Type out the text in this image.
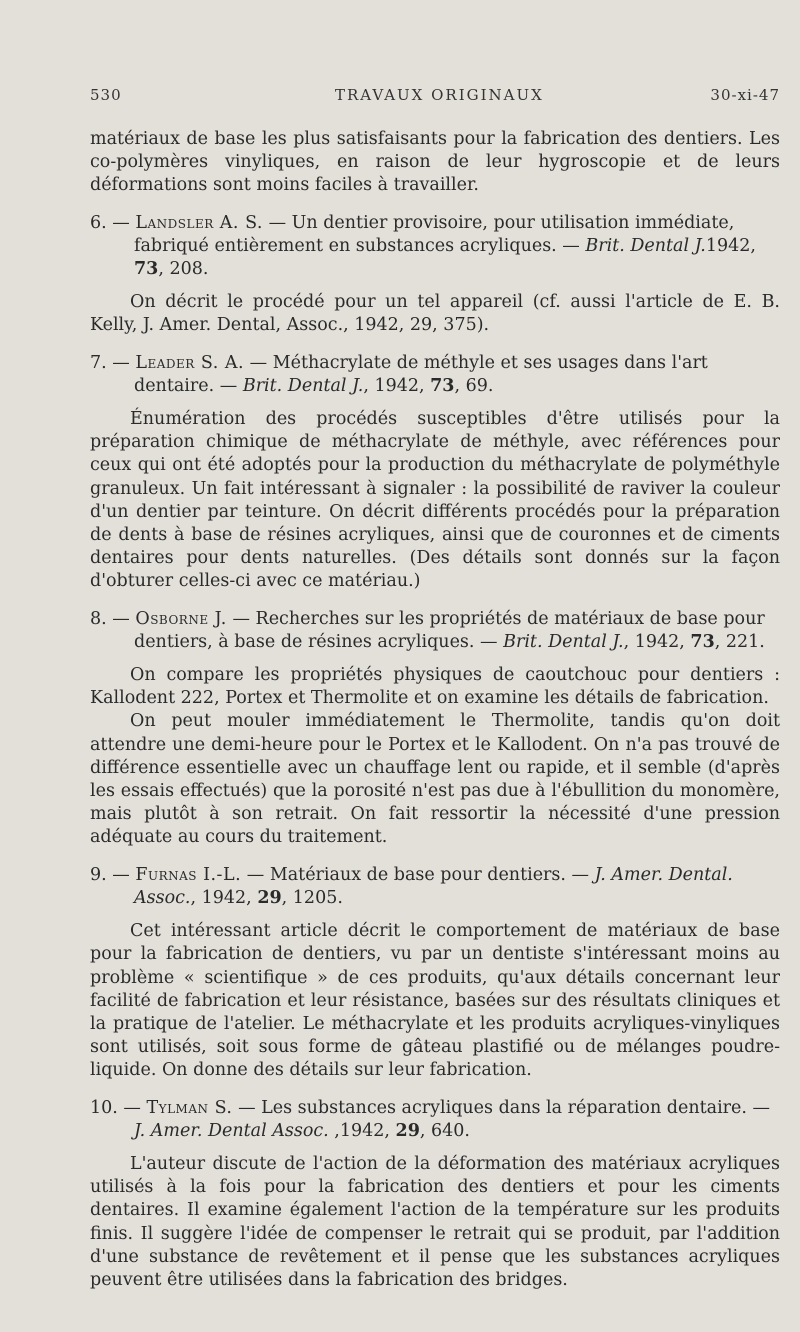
530	TRAVAUX ORIGINAUX	30-xi-47

matériaux de base les plus satisfaisants pour la fabrication des dentiers. Les co-polymères vinyliques, en raison de leur hygroscopie et de leurs déformations sont moins faciles à travailler.

6. — Landsler A. S. — Un dentier provisoire, pour utilisation immédiate, fabriqué entièrement en substances acryliques. — Brit. Dental J.1942, 73, 208.

On décrit le procédé pour un tel appareil (cf. aussi l'article de E. B. Kelly, J. Amer. Dental, Assoc., 1942, 29, 375).

7. — Leader S. A. — Méthacrylate de méthyle et ses usages dans l'art dentaire. — Brit. Dental J., 1942, 73, 69.

Énumération des procédés susceptibles d'être utilisés pour la préparation chimique de méthacrylate de méthyle, avec références pour ceux qui ont été adoptés pour la production du méthacrylate de polyméthyle granuleux. Un fait intéressant à signaler : la possibilité de raviver la couleur d'un dentier par teinture. On décrit différents procédés pour la préparation de dents à base de résines acryliques, ainsi que de couronnes et de ciments dentaires pour dents naturelles. (Des détails sont donnés sur la façon d'obturer celles-ci avec ce matériau.)

8. — Osborne J. — Recherches sur les propriétés de matériaux de base pour dentiers, à base de résines acryliques. — Brit. Dental J., 1942, 73, 221.

On compare les propriétés physiques de caoutchouc pour dentiers : Kallodent 222, Portex et Thermolite et on examine les détails de fabrication.

On peut mouler immédiatement le Thermolite, tandis qu'on doit attendre une demi-heure pour le Portex et le Kallodent. On n'a pas trouvé de différence essentielle avec un chauffage lent ou rapide, et il semble (d'après les essais effectués) que la porosité n'est pas due à l'ébullition du monomère, mais plutôt à son retrait. On fait ressortir la nécessité d'une pression adéquate au cours du traitement.

9. — Furnas I.-L. — Matériaux de base pour dentiers. — J. Amer. Dental. Assoc., 1942, 29, 1205.

Cet intéressant article décrit le comportement de matériaux de base pour la fabrication de dentiers, vu par un dentiste s'intéressant moins au problème « scientifique » de ces produits, qu'aux détails concernant leur facilité de fabrication et leur résistance, basées sur des résultats cliniques et la pratique de l'atelier. Le méthacrylate et les produits acryliques-vinyliques sont utilisés, soit sous forme de gâteau plastifié ou de mélanges poudre-liquide. On donne des détails sur leur fabrication.

10. — Tylman S. — Les substances acryliques dans la réparation dentaire. — J. Amer. Dental Assoc. ,1942, 29, 640.

L'auteur discute de l'action de la déformation des matériaux acryliques utilisés à la fois pour la fabrication des dentiers et pour les ciments dentaires. Il examine également l'action de la température sur les produits finis. Il suggère l'idée de compenser le retrait qui se produit, par l'addition d'une substance de revêtement et il pense que les substances acryliques peuvent être utilisées dans la fabrication des bridges.
